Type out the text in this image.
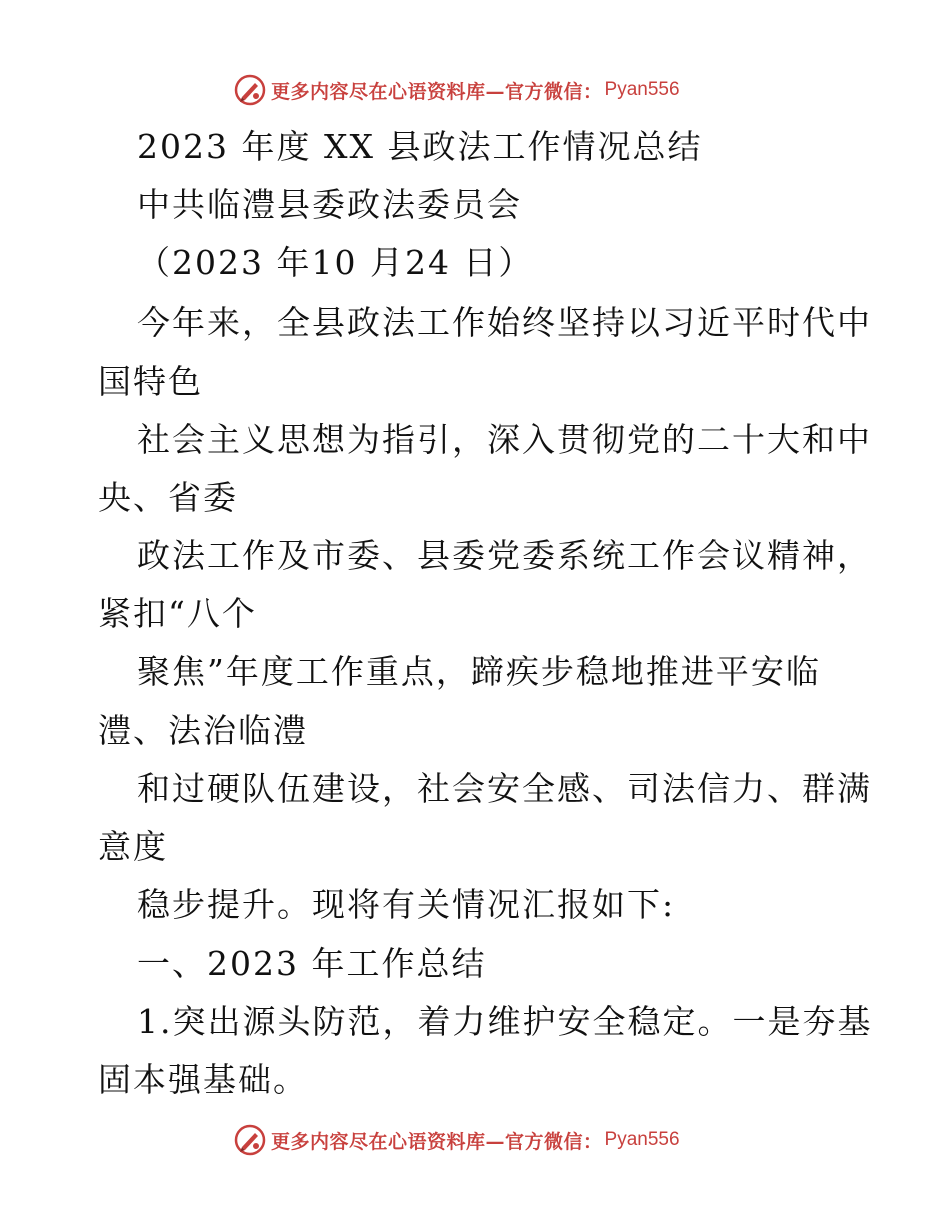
更多内容尽在心语资料库—官方微信： Pyan556
2023 年度 XX 县政法工作情况总结
中共临澧县委政法委员会
（2023 年10 月24 日）
今年来，全县政法工作始终坚持以习近平时代中
国特色
社会主义思想为指引，深入贯彻党的二十大和中
央、省委
政法工作及市委、县委党委系统工作会议精神，
紧扣“八个
聚焦”年度工作重点，蹄疾步稳地推进平安临
澧、法治临澧
和过硬队伍建设，社会安全感、司法信力、群满
意度
稳步提升。现将有关情况汇报如下:
一、2023 年工作总结
1.突出源头防范，着力维护安全稳定。一是夯基
固本强基础。
更多内容尽在心语资料库—官方微信： Pyan556
